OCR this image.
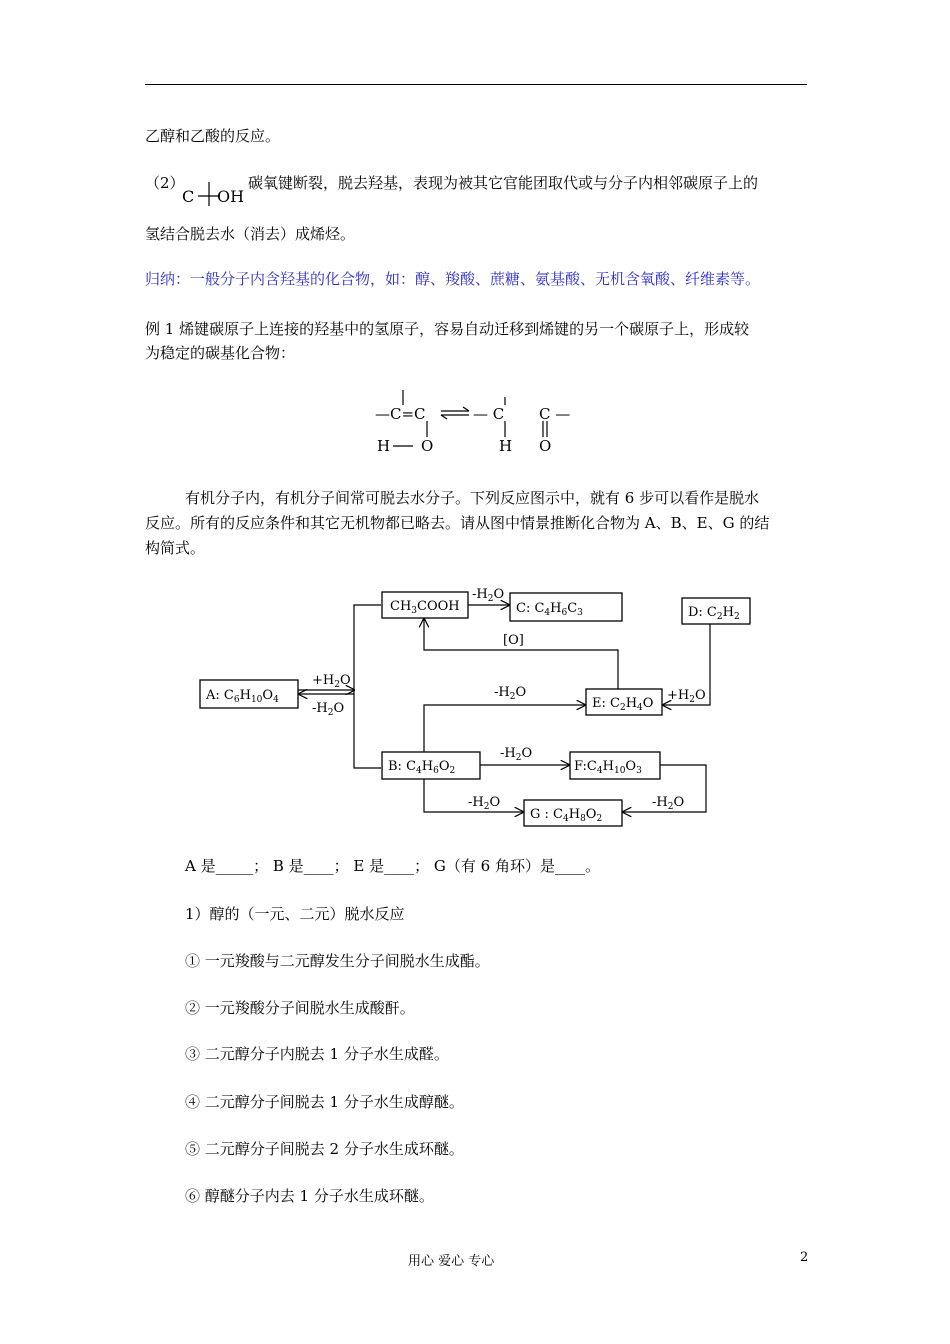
乙醇和乙酸的反应。
（2）
C OH
碳氧键断裂，脱去羟基，表现为被其它官能团取代或与分子内相邻碳原子上的
氢结合脱去水（消去）成烯烃。
归纳：一般分子内含羟基的化合物，如：醇、羧酸、蔗糖、氨基酸、无机含氧酸、纤维素等。
例 1 烯键碳原子上连接的羟基中的氢原子，容易自动迁移到烯键的另一个碳原子上，形成较
为稳定的碳基化合物：
—C=C
H O
— C
H
C —
O
有机分子内，有机分子间常可脱去水分子。下列反应图示中，就有 6 步可以看作是脱水
反应。所有的反应条件和其它无机物都已略去。请从图中情景推断化合物为 A、B、E、G 的结
构简式。
$CH_3COOH$	C: $C_4H_6C_3$	D: $C_2H_2$
A: $C_6H_{10}O_4$	E: $C_2H_4O$
B: $C_4H_6O_2$	$F:C_4H_{10}O_3$
G : $C_4H_8O_2$
$-H_2O$
[O]
$+H_2O$
$+H_2O$
$-H_2O$
$-H_2O$
$-H_2O$
$-H_2O$	$-H_2O$
A 是_____； B 是____； E 是____； G（有 6 角环）是____。
1）醇的（一元、二元）脱水反应
① 一元羧酸与二元醇发生分子间脱水生成酯。
② 一元羧酸分子间脱水生成酸酐。
③ 二元醇分子内脱去 1 分子水生成醛。
④ 二元醇分子间脱去 1 分子水生成醇醚。
⑤ 二元醇分子间脱去 2 分子水生成环醚。
⑥ 醇醚分子内去 1 分子水生成环醚。
用心 爱心 专心	2
